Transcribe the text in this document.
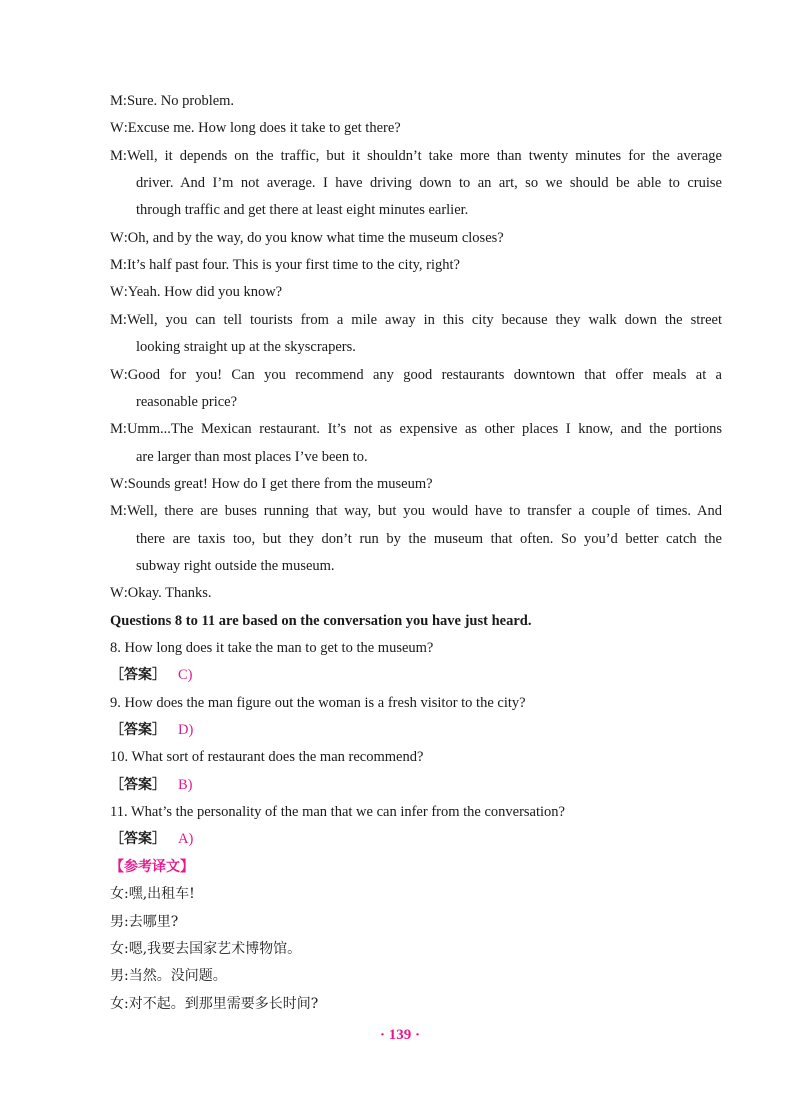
M:Sure. No problem.
W:Excuse me. How long does it take to get there?
M:Well, it depends on the traffic, but it shouldn’t take more than twenty minutes for the average
driver. And I’m not average. I have driving down to an art, so we should be able to cruise
through traffic and get there at least eight minutes earlier.
W:Oh, and by the way, do you know what time the museum closes?
M:It’s half past four. This is your first time to the city, right?
W:Yeah. How did you know?
M:Well, you can tell tourists from a mile away in this city because they walk down the street
looking straight up at the skyscrapers.
W:Good for you! Can you recommend any good restaurants downtown that offer meals at a
reasonable price?
M:Umm...The Mexican restaurant. It’s not as expensive as other places I know, and the portions
are larger than most places I’ve been to.
W:Sounds great! How do I get there from the museum?
M:Well, there are buses running that way, but you would have to transfer a couple of times. And
there are taxis too, but they don’t run by the museum that often. So you’d better catch the
subway right outside the museum.
W:Okay. Thanks.
Questions 8 to 11 are based on the conversation you have just heard.
8. How long does it take the man to get to the museum?
［答案］ C)
9. How does the man figure out the woman is a fresh visitor to the city?
［答案］ D)
10. What sort of restaurant does the man recommend?
［答案］ B)
11. What’s the personality of the man that we can infer from the conversation?
［答案］ A)
【参考译文】
女:嘿,出租车!
男:去哪里?
女:嗯,我要去国家艺术博物馆。
男:当然。没问题。
女:对不起。到那里需要多长时间?
· 139 ·
